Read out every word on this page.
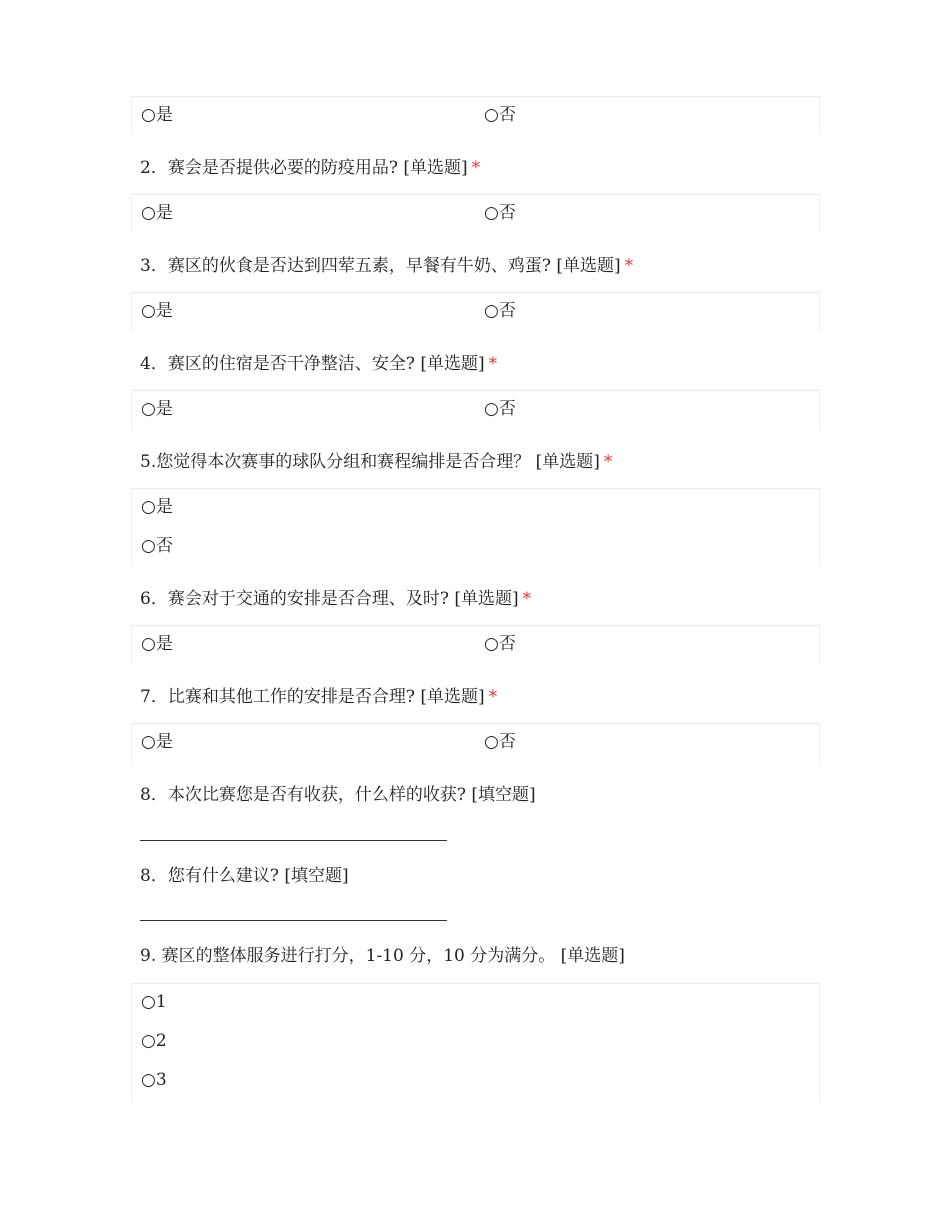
○是	○否
2．赛会是否提供必要的防疫用品? [单选题] *
○是	○否
3．赛区的伙食是否达到四荤五素，早餐有牛奶、鸡蛋? [单选题] *
○是	○否
4．赛区的住宿是否干净整洁、安全? [单选题] *
○是	○否
5.您觉得本次赛事的球队分组和赛程编排是否合理？ [单选题] *
○是
○否
6．赛会对于交通的安排是否合理、及时? [单选题] *
○是	○否
7．比赛和其他工作的安排是否合理? [单选题] *
○是	○否
8．本次比赛您是否有收获，什么样的收获? [填空题]
8．您有什么建议? [填空题]
9. 赛区的整体服务进行打分，1-10 分，10 分为满分。 [单选题]
○1
○2
○3
